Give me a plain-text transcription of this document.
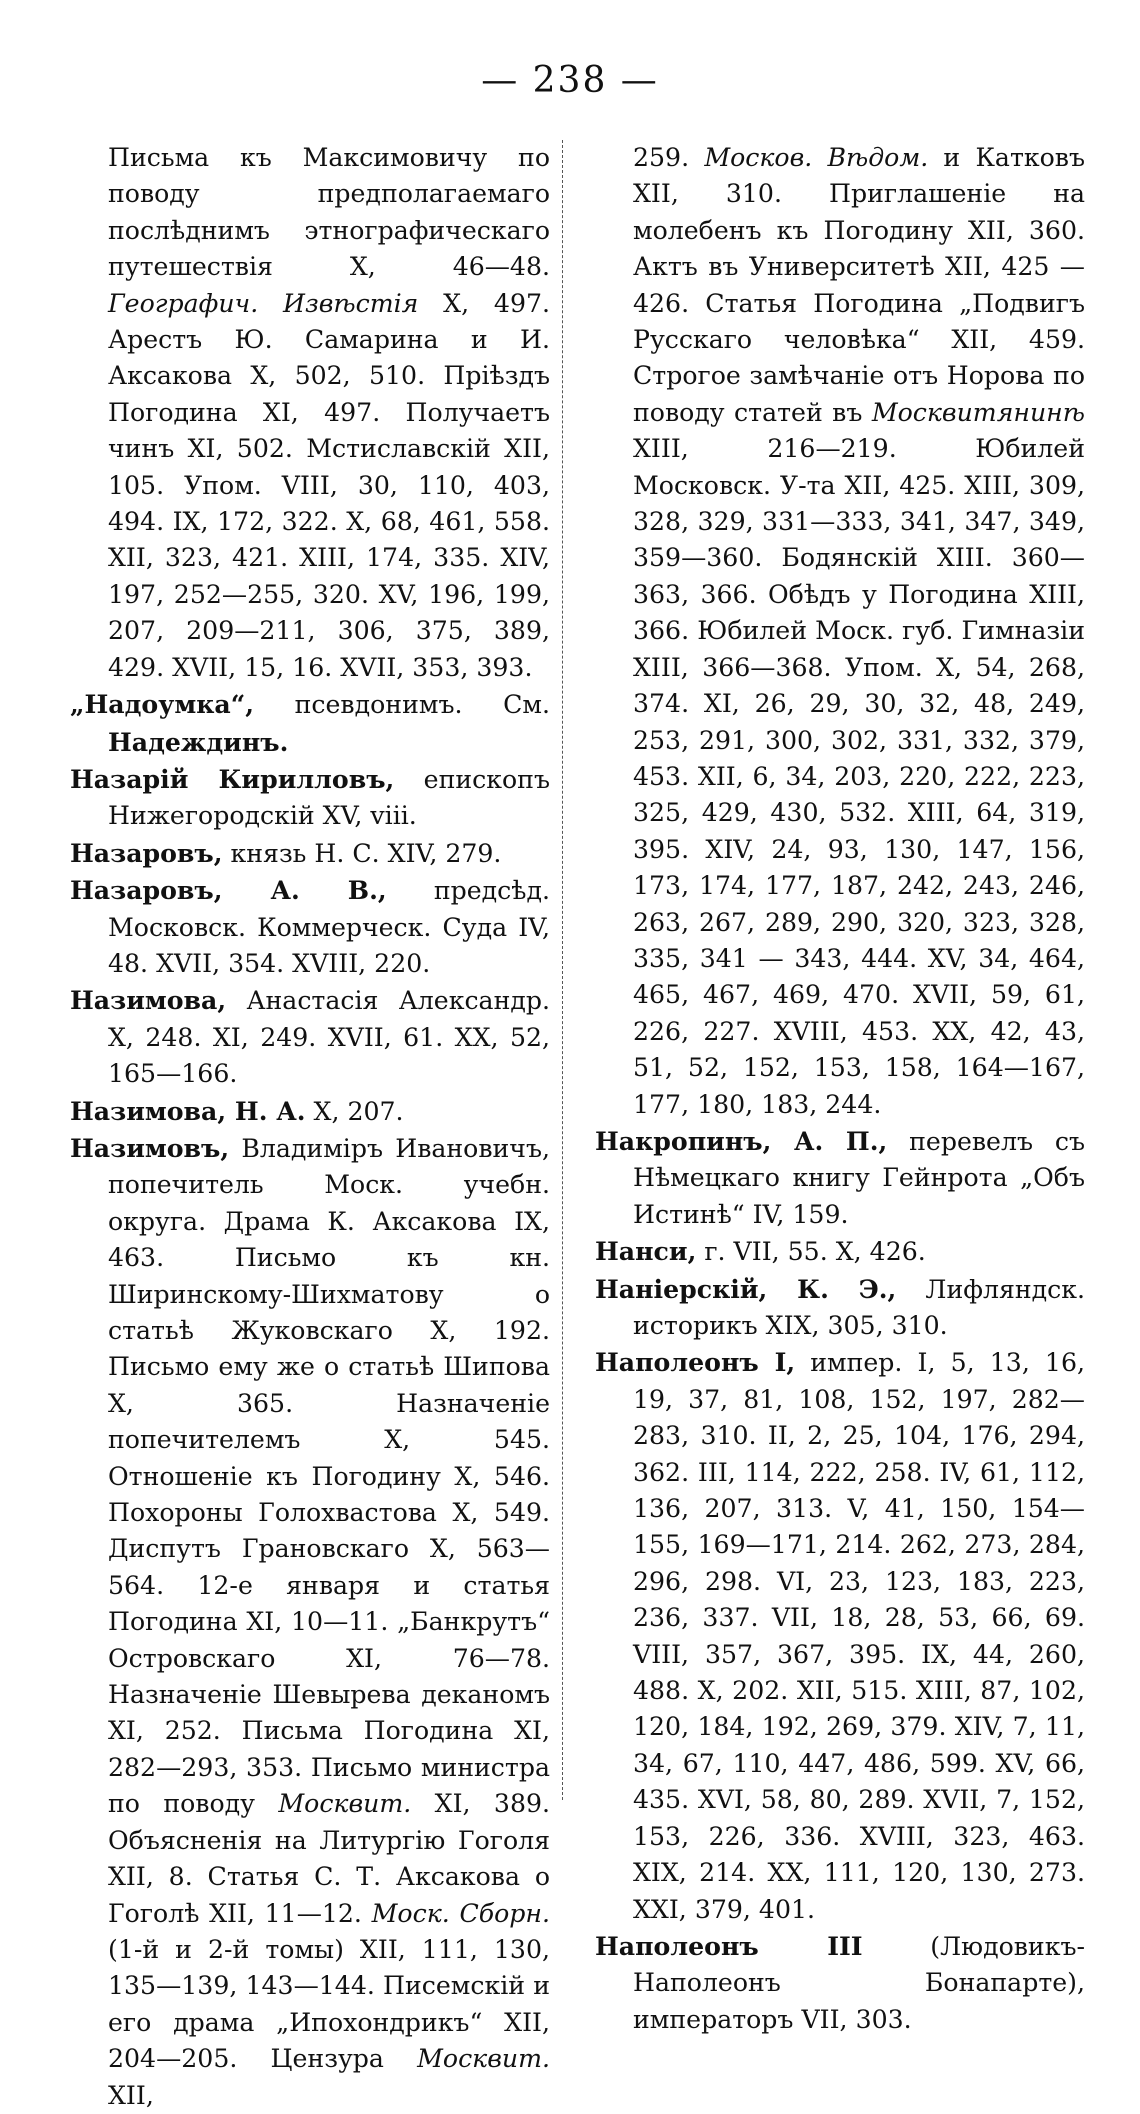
— 238 —

Письма къ Максимовичу по поводу предполагаемаго послѣднимъ этнографическаго путешествія X, 46—48. Географич. Извѣстія X, 497. Арестъ Ю. Самарина и И. Аксакова X, 502, 510. Пріѣздъ Погодина XI, 497. Получаетъ чинъ XI, 502. Мстиславскій XII, 105. Упом. VIII, 30, 110, 403, 494. IX, 172, 322. X, 68, 461, 558. XII, 323, 421. XIII, 174, 335. XIV, 197, 252—255, 320. XV, 196, 199, 207, 209—211, 306, 375, 389, 429. XVII, 15, 16. XVII, 353, 393.

„Надоумка“, псевдонимъ. См. Надеждинъ.

Назарій Кирилловъ, епископъ Нижегородскій XV, viii.

Назаровъ, князь Н. С. XIV, 279.

Назаровъ, А. В., предсѣд. Московск. Коммерческ. Суда IV, 48. XVII, 354. XVIII, 220.

Назимова, Анастасія Александр. X, 248. XI, 249. XVII, 61. XX, 52, 165—166.

Назимова, Н. А. X, 207.

Назимовъ, Владиміръ Ивановичъ, попечитель Моск. учебн. округа. Драма К. Аксакова IX, 463. Письмо къ кн. Ширинскому-Шихматову о статьѣ Жуковскаго X, 192. Письмо ему же о статьѣ Шипова X, 365. Назначеніе попечителемъ X, 545. Отношеніе къ Погодину X, 546. Похороны Голохвастова X, 549. Диспутъ Грановскаго X, 563—564. 12-е января и статья Погодина XI, 10—11. „Банкрутъ“ Островскаго XI, 76—78. Назначеніе Шевырева деканомъ XI, 252. Письма Погодина XI, 282—293, 353. Письмо министра по поводу Москвит. XI, 389. Объясненія на Литургію Гоголя XII, 8. Статья С. Т. Аксакова о Гоголѣ XII, 11—12. Моск. Сборн. (1-й и 2-й томы) XII, 111, 130, 135—139, 143—144. Писемскій и его драма „Ипохондрикъ“ XII, 204—205. Цензура Москвит. XII,

259. Москов. Вѣдом. и Катковъ XII, 310. Приглашеніе на молебенъ къ Погодину XII, 360. Актъ въ Университетѣ XII, 425 — 426. Статья Погодина „Подвигъ Русскаго человѣка“ XII, 459. Строгое замѣчаніе отъ Норова по поводу статей въ Москвитянинѣ XIII, 216—219. Юбилей Московск. У-та XII, 425. XIII, 309, 328, 329, 331—333, 341, 347, 349, 359—360. Бодянскій XIII. 360—363, 366. Обѣдъ у Погодина XIII, 366. Юбилей Моск. губ. Гимназіи XIII, 366—368. Упом. X, 54, 268, 374. XI, 26, 29, 30, 32, 48, 249, 253, 291, 300, 302, 331, 332, 379, 453. XII, 6, 34, 203, 220, 222, 223, 325, 429, 430, 532. XIII, 64, 319, 395. XIV, 24, 93, 130, 147, 156, 173, 174, 177, 187, 242, 243, 246, 263, 267, 289, 290, 320, 323, 328, 335, 341 — 343, 444. XV, 34, 464, 465, 467, 469, 470. XVII, 59, 61, 226, 227. XVIII, 453. XX, 42, 43, 51, 52, 152, 153, 158, 164—167, 177, 180, 183, 244.

Накропинъ, А. П., перевелъ съ Нѣмецкаго книгу Гейнрота „Объ Истинѣ“ IV, 159.

Нанси, г. VII, 55. X, 426.

Наніерскій, К. Э., Лифляндск. историкъ XIX, 305, 310.

Наполеонъ I, импер. I, 5, 13, 16, 19, 37, 81, 108, 152, 197, 282—283, 310. II, 2, 25, 104, 176, 294, 362. III, 114, 222, 258. IV, 61, 112, 136, 207, 313. V, 41, 150, 154—155, 169—171, 214. 262, 273, 284, 296, 298. VI, 23, 123, 183, 223, 236, 337. VII, 18, 28, 53, 66, 69. VIII, 357, 367, 395. IX, 44, 260, 488. X, 202. XII, 515. XIII, 87, 102, 120, 184, 192, 269, 379. XIV, 7, 11, 34, 67, 110, 447, 486, 599. XV, 66, 435. XVI, 58, 80, 289. XVII, 7, 152, 153, 226, 336. XVIII, 323, 463. XIX, 214. XX, 111, 120, 130, 273. XXI, 379, 401.

Наполеонъ III (Людовикъ-Наполеонъ Бонапарте), императоръ VII, 303.
